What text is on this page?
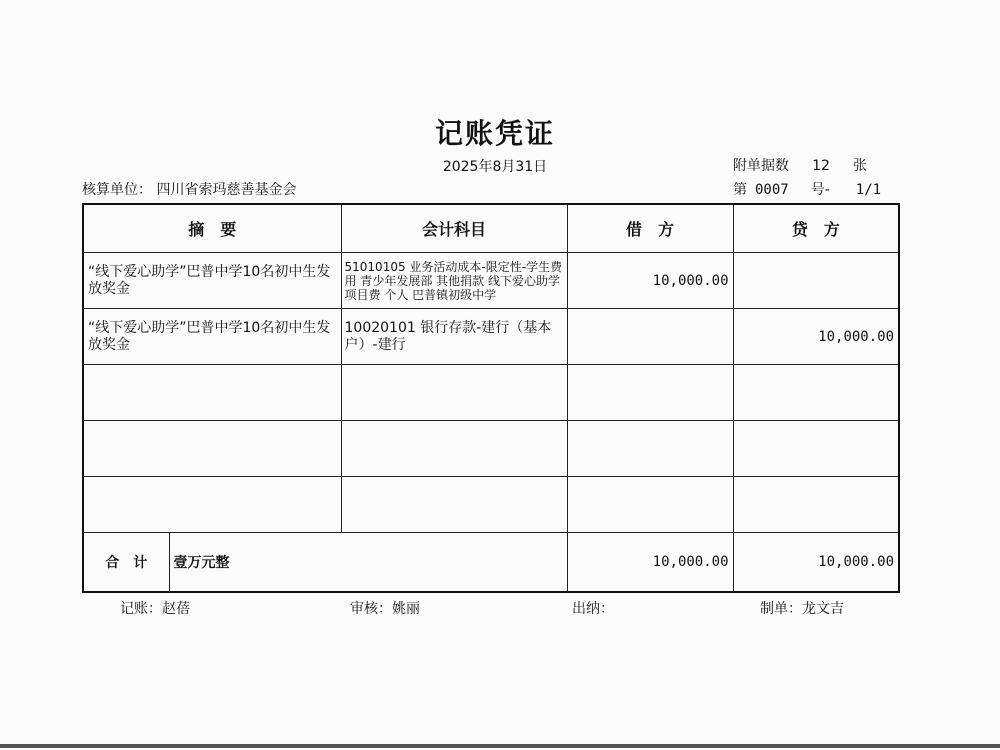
记账凭证
2025年8月31日	附单据数 12 张
核算单位： 四川省索玛慈善基金会	第 0007 号- 1/1
摘　要		会计科目	借　方	贷　方
“线下爱心助学”巴普中学10名初中生发放奖金		51010105 业务活动成本-限定性-学生费用 青少年发展部 其他捐款 线下爱心助学 项目费 个人 巴普镇初级中学	10,000.00	
“线下爱心助学”巴普中学10名初中生发放奖金		10020101 银行存款-建行（基本户）-建行		10,000.00

合　计	壹万元整		10,000.00	10,000.00
记账：赵蓓	审核：姚丽	出纳：	制单：龙文吉
